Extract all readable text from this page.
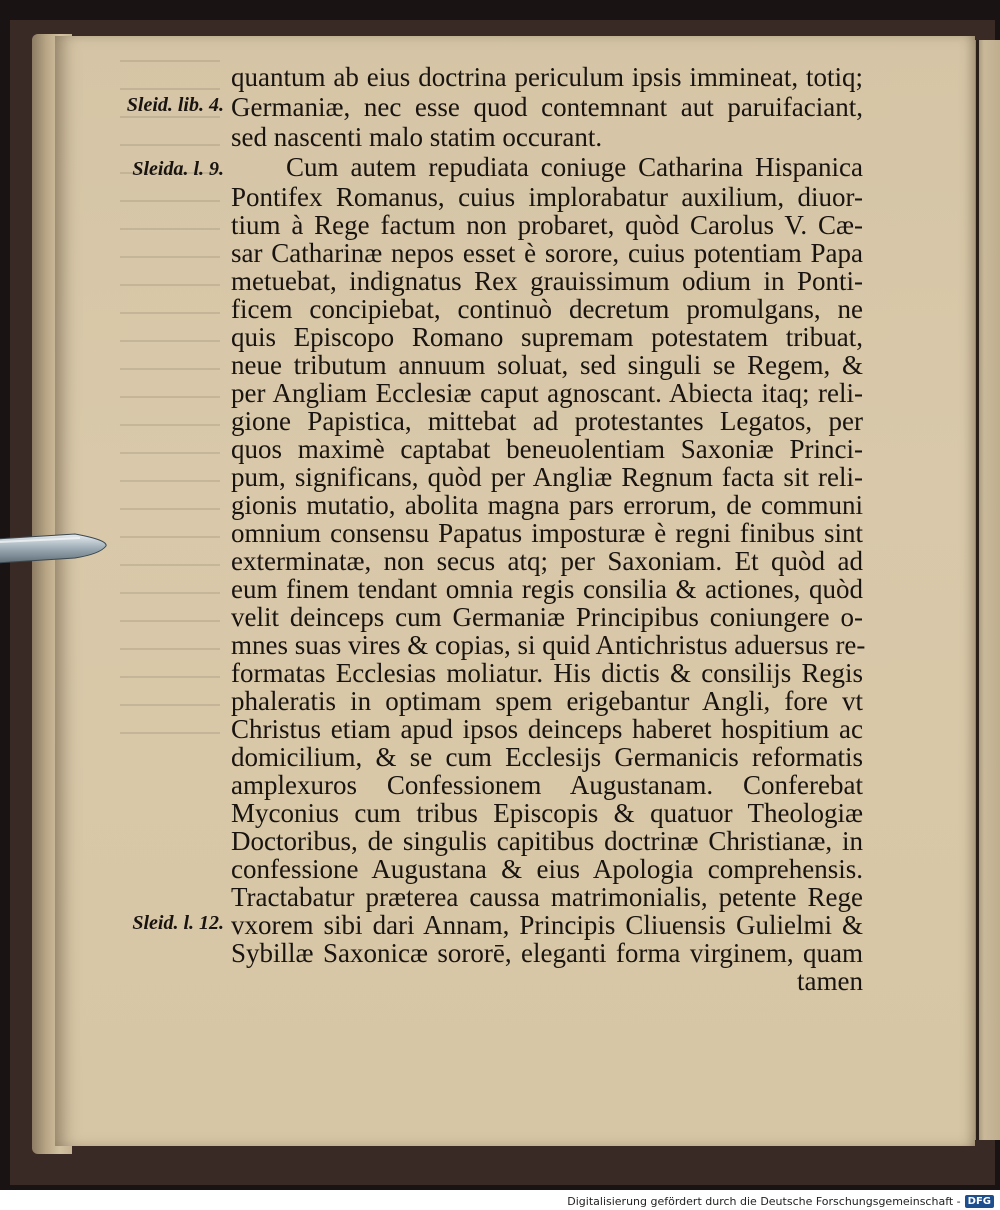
Sleid. lib. 4.
Sleida. l. 9.
Sleid. l. 12.

quantum ab eius doctrina periculum ipsis immineat, totiq;

Germaniæ, nec esse quod contemnant aut paruifaciant,

sed nascenti malo statim occurant.

Cum autem repudiata coniuge Catharina Hispanica

Pontifex Romanus, cuius implorabatur auxilium, diuor-

tium à Rege factum non probaret, quòd Carolus V. Cæ-

sar Catharinæ nepos esset è sorore, cuius potentiam Papa

metuebat, indignatus Rex grauissimum odium in Ponti-

ficem concipiebat, continuò decretum promulgans, ne

quis Episcopo Romano supremam potestatem tribuat,

neue tributum annuum soluat, sed singuli se Regem, &

per Angliam Ecclesiæ caput agnoscant. Abiecta itaq; reli-

gione Papistica, mittebat ad protestantes Legatos, per

quos maximè captabat beneuolentiam Saxoniæ Princi-

pum, significans, quòd per Angliæ Regnum facta sit reli-

gionis mutatio, abolita magna pars errorum, de communi

omnium consensu Papatus imposturæ è regni finibus sint

exterminatæ, non secus atq; per Saxoniam. Et quòd ad

eum finem tendant omnia regis consilia & actiones, quòd

velit deinceps cum Germaniæ Principibus coniungere o-

mnes suas vires & copias, si quid Antichristus aduersus re-

formatas Ecclesias moliatur. His dictis & consilijs Regis

phaleratis in optimam spem erigebantur Angli, fore vt

Christus etiam apud ipsos deinceps haberet hospitium ac

domicilium, & se cum Ecclesijs Germanicis reformatis

amplexuros Confessionem Augustanam. Conferebat

Myconius cum tribus Episcopis & quatuor Theologiæ

Doctoribus, de singulis capitibus doctrinæ Christianæ, in

confessione Augustana & eius Apologia comprehensis.

Tractabatur præterea caussa matrimonialis, petente Rege

vxorem sibi dari Annam, Principis Cliuensis Gulielmi &

Sybillæ Saxonicæ sororē, eleganti forma virginem, quam

tamen

Digitalisierung gefördert durch die Deutsche Forschungsgemeinschaft - DFG
